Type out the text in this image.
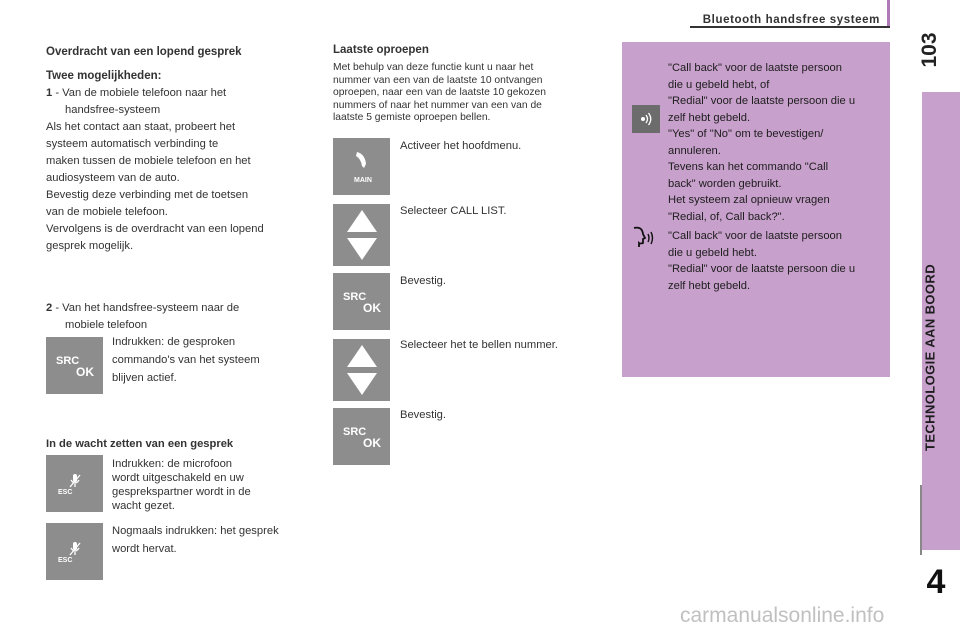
Bluetooth handsfree systeem
103
TECHNOLOGIE AAN BOORD
4
Overdracht van een lopend gesprek
Twee mogelijkheden:
1 - Van de mobiele telefoon naar het
handsfree-systeem
Als het contact aan staat, probeert het
systeem automatisch verbinding te
maken tussen de mobiele telefoon en het
audiosysteem van de auto.
Bevestig deze verbinding met de toetsen
van de mobiele telefoon.
Vervolgens is de overdracht van een lopend
gesprek mogelijk.
2 - Van het handsfree-systeem naar de
mobiele telefoon
SRC
OK
Indrukken: de gesproken
commando's van het systeem
blijven actief.
In de wacht zetten van een gesprek
ESC
Indrukken: de microfoon
wordt uitgeschakeld en uw
gesprekspartner wordt in de
wacht gezet.
ESC
Nogmaals indrukken: het gesprek
wordt hervat.
Laatste oproepen
Met behulp van deze functie kunt u naar het
nummer van een van de laatste 10 ontvangen
oproepen, naar een van de laatste 10 gekozen
nummers of naar het nummer van een van de
laatste 5 gemiste oproepen bellen.
MAIN
Activeer het hoofdmenu.
Selecteer CALL LIST.
SRC
OK
Bevestig.
Selecteer het te bellen nummer.
SRC
OK
Bevestig.
"Call back" voor de laatste persoon
die u gebeld hebt, of
"Redial" voor de laatste persoon die u
zelf hebt gebeld.
"Yes" of "No" om te bevestigen/
annuleren.
Tevens kan het commando "Call
back" worden gebruikt.
Het systeem zal opnieuw vragen
"Redial, of, Call back?".
"Call back" voor de laatste persoon
die u gebeld hebt.
"Redial" voor de laatste persoon die u
zelf hebt gebeld.
carmanualsonline.info
